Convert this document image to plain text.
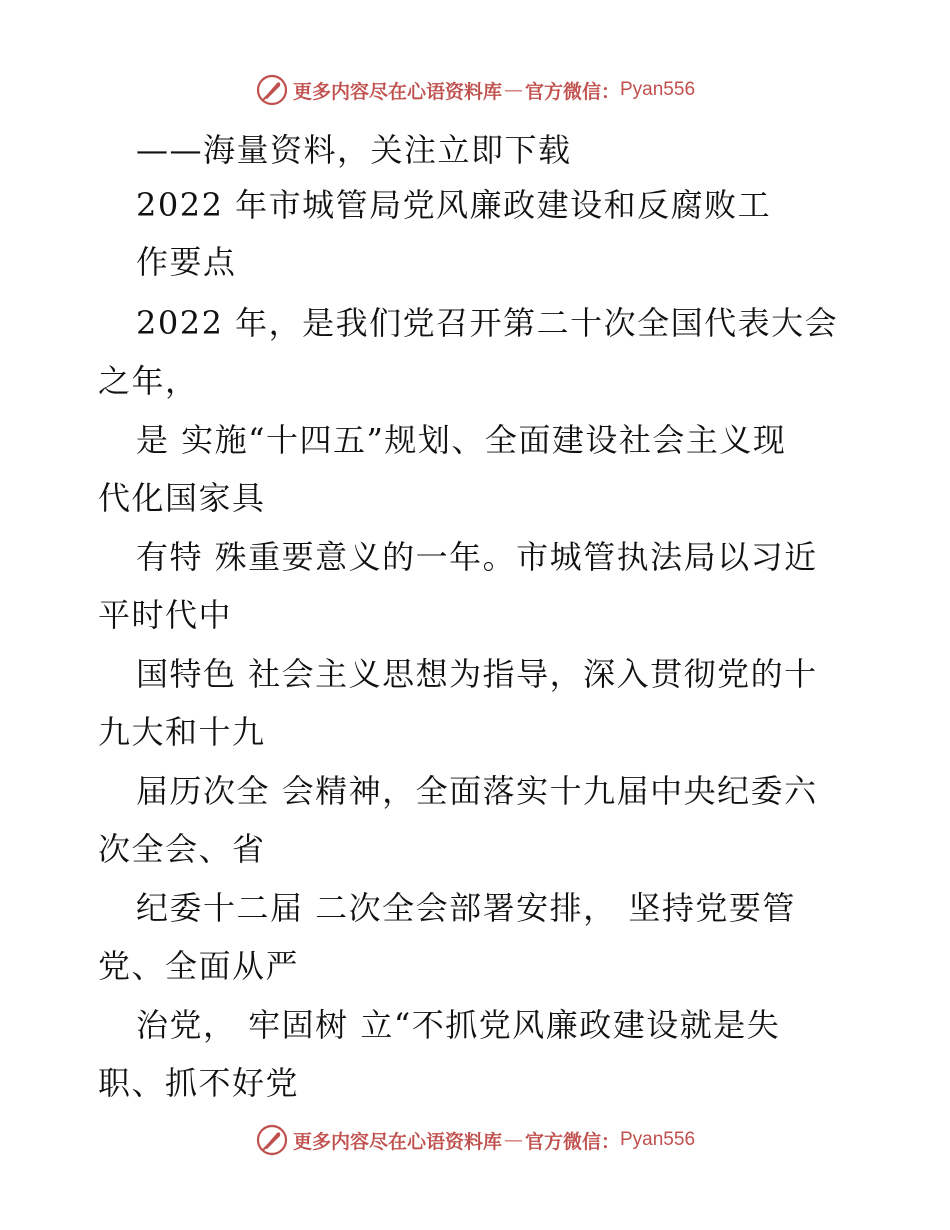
更多内容尽在心语资料库 — 官方微信： Pyan556
——海量资料，关注立即下载
2022 年市城管局党风廉政建设和反腐败工
作要点
2022 年，是我们党召开第二十次全国代表大会
之年，
是 实施“十四五”规划、全面建设社会主义现
代化国家具
有特 殊重要意义的一年。市城管执法局以习近
平时代中
国特色 社会主义思想为指导，深入贯彻党的十
九大和十九
届历次全 会精神，全面落实十九届中央纪委六
次全会、省
纪委十二届 二次全会部署安排， 坚持党要管
党、全面从严
治党， 牢固树 立“不抓党风廉政建设就是失
职、抓不好党
更多内容尽在心语资料库 — 官方微信： Pyan556
